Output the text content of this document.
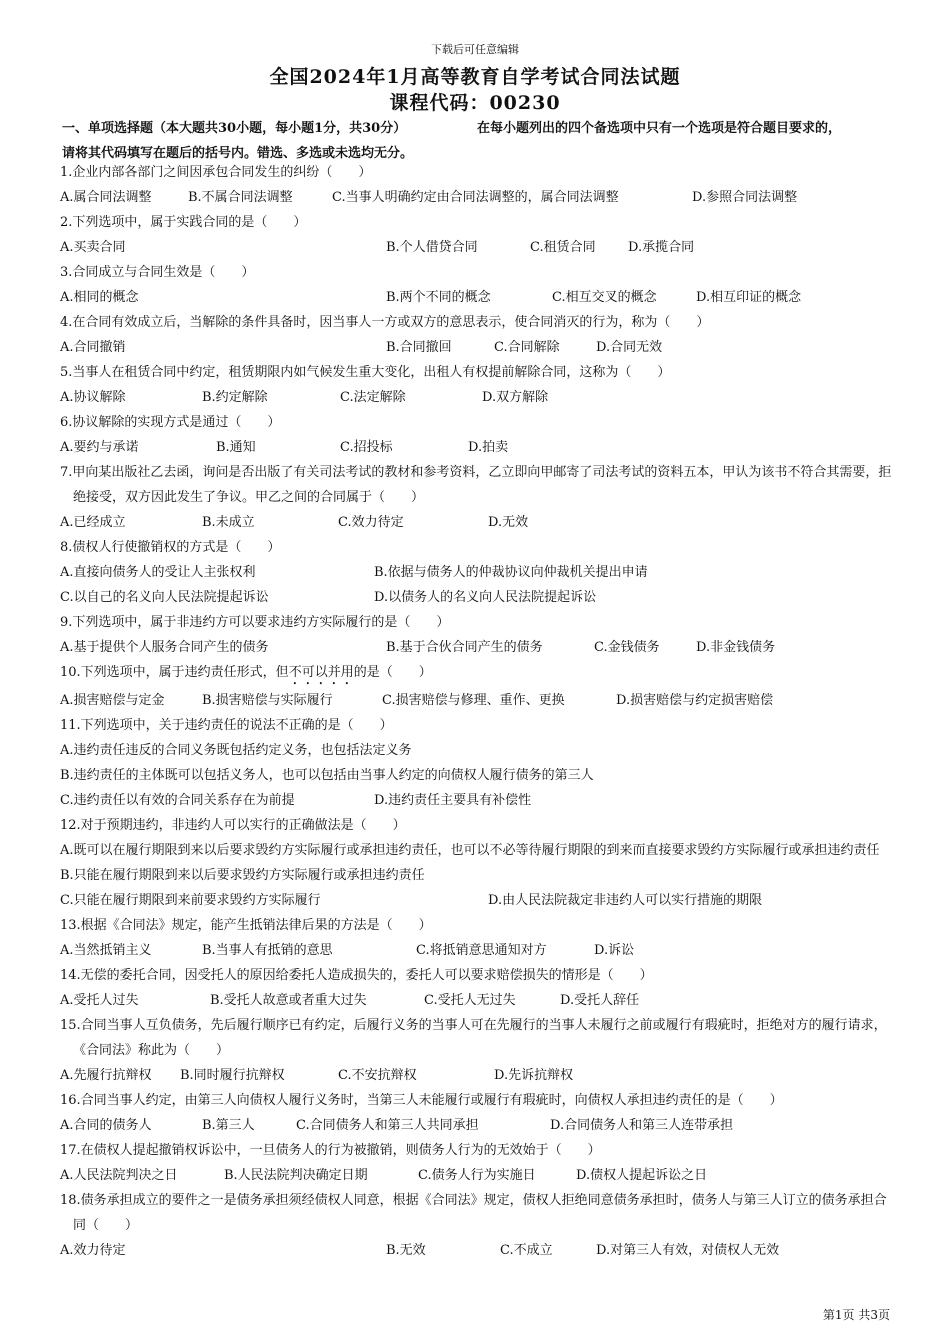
下载后可任意编辑
全国2024年1月高等教育自学考试合同法试题
课程代码：00230
一、单项选择题（本大题共30小题，每小题1分，共30分）	在每小题列出的四个备选项中只有一个选项是符合题目要求的，
请将其代码填写在题后的括号内。错选、多选或未选均无分。
1.企业内部各部门之间因承包合同发生的纠纷（　　）
A.属合同法调整	B.不属合同法调整	C.当事人明确约定由合同法调整的，属合同法调整	D.参照合同法调整
2.下列选项中，属于实践合同的是（　　）
A.买卖合同	B.个人借贷合同	C.租赁合同 D.承揽合同
3.合同成立与合同生效是（　　）
A.相同的概念	B.两个不同的概念	C.相互交叉的概念	D.相互印证的概念
4.在合同有效成立后，当解除的条件具备时，因当事人一方或双方的意思表示，使合同消灭的行为，称为（　　）
A.合同撤销	B.合同撤回	C.合同解除	D.合同无效
5.当事人在租赁合同中约定，租赁期限内如气候发生重大变化，出租人有权提前解除合同，这称为（　　）
A.协议解除	B.约定解除	C.法定解除	D.双方解除
6.协议解除的实现方式是通过（　　）
A.要约与承诺	B.通知	C.招投标	D.拍卖
7.甲向某出版社乙去函，询问是否出版了有关司法考试的教材和参考资料，乙立即向甲邮寄了司法考试的资料五本，甲认为该书不符合其需要，拒绝接受，双方因此发生了争议。甲乙之间的合同属于（　　）
A.已经成立	B.未成立	C.效力待定	D.无效
8.债权人行使撤销权的方式是（　　）
A.直接向债务人的受让人主张权利	B.依据与债务人的仲裁协议向仲裁机关提出申请
C.以自己的名义向人民法院提起诉讼	D.以债务人的名义向人民法院提起诉讼
9.下列选项中，属于非违约方可以要求违约方实际履行的是（　　）
A.基于提供个人服务合同产生的债务	B.基于合伙合同产生的债务	C.金钱债务	D.非金钱债务
10.下列选项中，属于违约责任形式，但不可以并用的是（　　）
A.损害赔偿与定金	B.损害赔偿与实际履行	C.损害赔偿与修理、重作、更换	D.损害赔偿与约定损害赔偿
11.下列选项中，关于违约责任的说法不正确的是（　　）
A.违约责任违反的合同义务既包括约定义务，也包括法定义务
B.违约责任的主体既可以包括义务人，也可以包括由当事人约定的向债权人履行债务的第三人
C.违约责任以有效的合同关系存在为前提	D.违约责任主要具有补偿性
12.对于预期违约，非违约人可以实行的正确做法是（　　）
A.既可以在履行期限到来以后要求毁约方实际履行或承担违约责任，也可以不必等待履行期限的到来而直接要求毁约方实际履行或承担违约责任
B.只能在履行期限到来以后要求毁约方实际履行或承担违约责任
C.只能在履行期限到来前要求毁约方实际履行	D.由人民法院裁定非违约人可以实行措施的期限
13.根据《合同法》规定，能产生抵销法律后果的方法是（　　）
A.当然抵销主义	B.当事人有抵销的意思	C.将抵销意思通知对方	D.诉讼
14.无偿的委托合同，因受托人的原因给委托人造成损失的，委托人可以要求赔偿损失的情形是（　　）
A.受托人过失	B.受托人故意或者重大过失	C.受托人无过失	D.受托人辞任
15.合同当事人互负债务，先后履行顺序已有约定，后履行义务的当事人可在先履行的当事人未履行之前或履行有瑕疵时，拒绝对方的履行请求，《合同法》称此为（　　）
A.先履行抗辩权 B.同时履行抗辩权	C.不安抗辩权	D.先诉抗辩权
16.合同当事人约定，由第三人向债权人履行义务时，当第三人未能履行或履行有瑕疵时，向债权人承担违约责任的是（　　）
A.合同的债务人	B.第三人	C.合同债务人和第三人共同承担	D.合同债务人和第三人连带承担
17.在债权人提起撤销权诉讼中，一旦债务人的行为被撤销，则债务人行为的无效始于（　　）
A.人民法院判决之日	B.人民法院判决确定日期	C.债务人行为实施日	D.债权人提起诉讼之日
18.债务承担成立的要件之一是债务承担须经债权人同意，根据《合同法》规定，债权人拒绝同意债务承担时，债务人与第三人订立的债务承担合同（　　）
A.效力待定	B.无效	C.不成立	D.对第三人有效，对债权人无效
第1页 共3页
